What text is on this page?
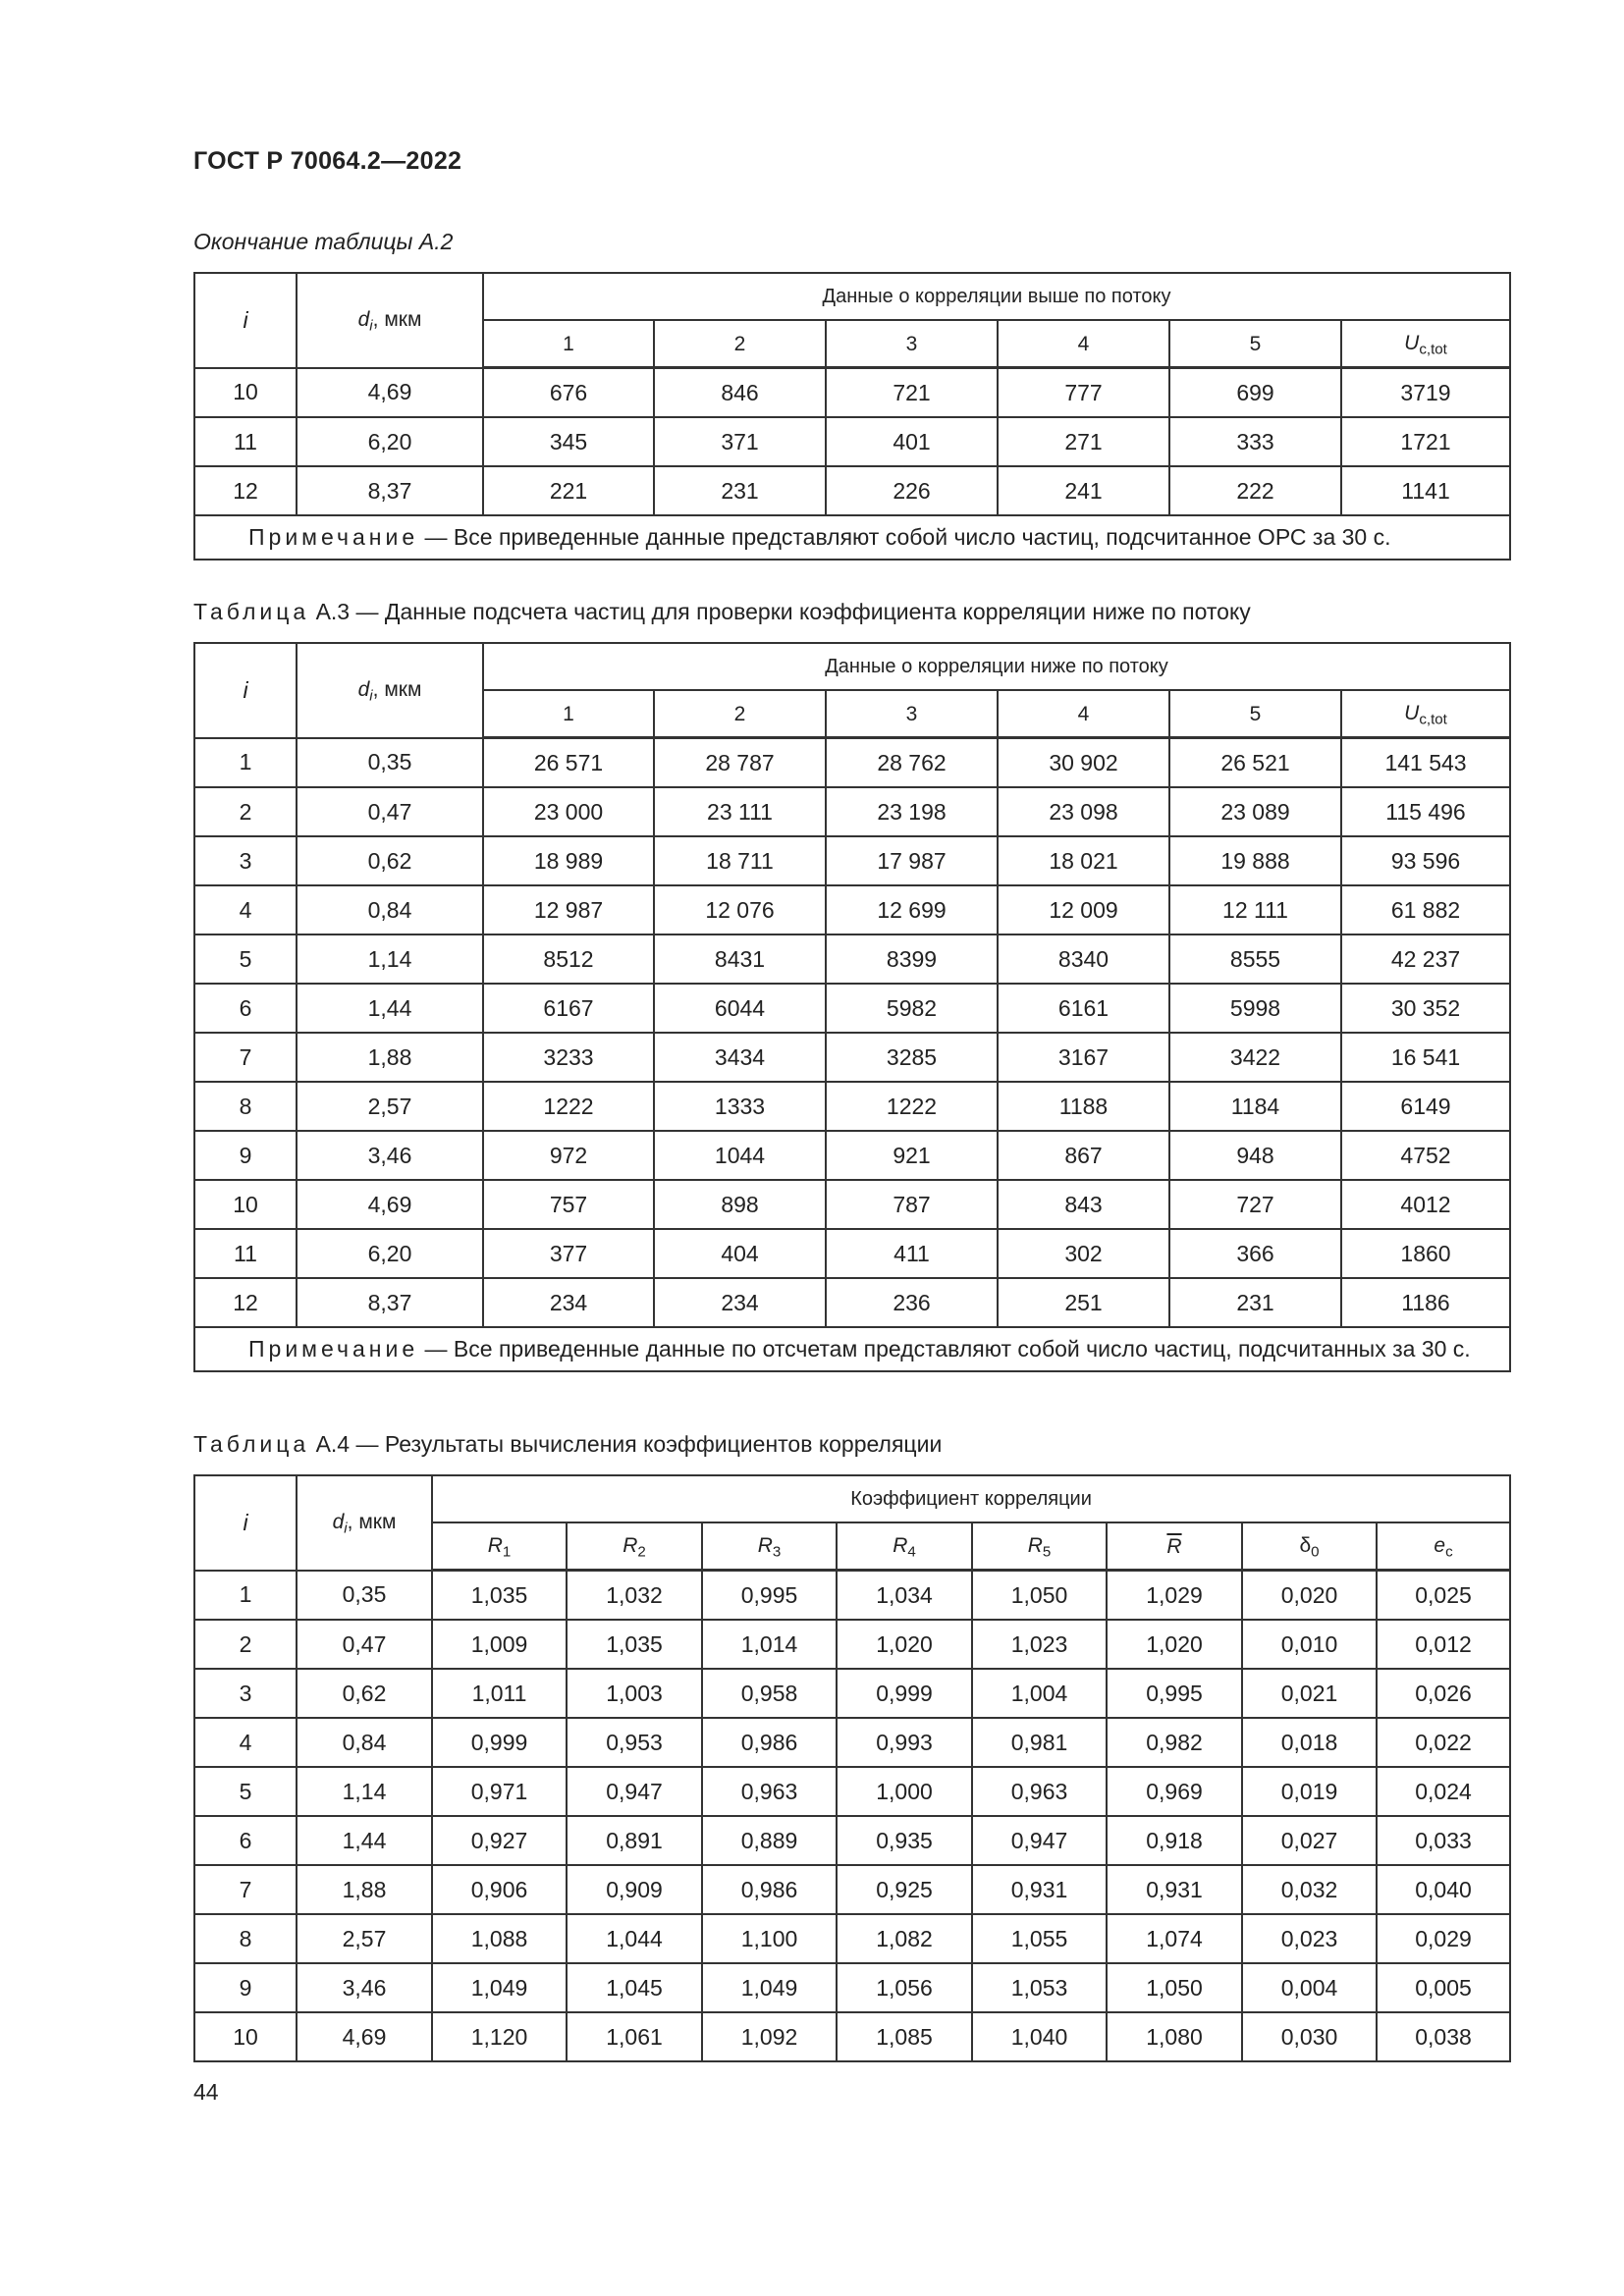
ГОСТ Р 70064.2—2022
Окончание таблицы А.2
i	$d_i$, мкм	Данные о корреляции выше по потоку					
		1	2	3	4	5	$U_{c,tot}$
10	4,69	676	846	721	777	699	3719
11	6,20	345	371	401	271	333	1721
12	8,37	221	231	226	241	222	1141
Примечание — Все приведенные данные представляют собой число частиц, подсчитанное ОРС за 30 с.							
Таблица А.3 — Данные подсчета частиц для проверки коэффициента корреляции ниже по потоку
i	$d_i$, мкм	Данные о корреляции ниже по потоку					
		1	2	3	4	5	$U_{c,tot}$
1	0,35	26 571	28 787	28 762	30 902	26 521	141 543
2	0,47	23 000	23 111	23 198	23 098	23 089	115 496
3	0,62	18 989	18 711	17 987	18 021	19 888	93 596
4	0,84	12 987	12 076	12 699	12 009	12 111	61 882
5	1,14	8512	8431	8399	8340	8555	42 237
6	1,44	6167	6044	5982	6161	5998	30 352
7	1,88	3233	3434	3285	3167	3422	16 541
8	2,57	1222	1333	1222	1188	1184	6149
9	3,46	972	1044	921	867	948	4752
10	4,69	757	898	787	843	727	4012
11	6,20	377	404	411	302	366	1860
12	8,37	234	234	236	251	231	1186
Примечание — Все приведенные данные по отсчетам представляют собой число частиц, подсчитанных за 30 с.							
Таблица А.4 — Результаты вычисления коэффициентов корреляции
i	$d_i$, мкм	Коэффициент корреляции							
		$R_1$	$R_2$	$R_3$	$R_4$	$R_5$	$\overline{R}$	$\delta_0$	$e_c$
1	0,35	1,035	1,032	0,995	1,034	1,050	1,029	0,020	0,025
2	0,47	1,009	1,035	1,014	1,020	1,023	1,020	0,010	0,012
3	0,62	1,011	1,003	0,958	0,999	1,004	0,995	0,021	0,026
4	0,84	0,999	0,953	0,986	0,993	0,981	0,982	0,018	0,022
5	1,14	0,971	0,947	0,963	1,000	0,963	0,969	0,019	0,024
6	1,44	0,927	0,891	0,889	0,935	0,947	0,918	0,027	0,033
7	1,88	0,906	0,909	0,986	0,925	0,931	0,931	0,032	0,040
8	2,57	1,088	1,044	1,100	1,082	1,055	1,074	0,023	0,029
9	3,46	1,049	1,045	1,049	1,056	1,053	1,050	0,004	0,005
10	4,69	1,120	1,061	1,092	1,085	1,040	1,080	0,030	0,038
44
